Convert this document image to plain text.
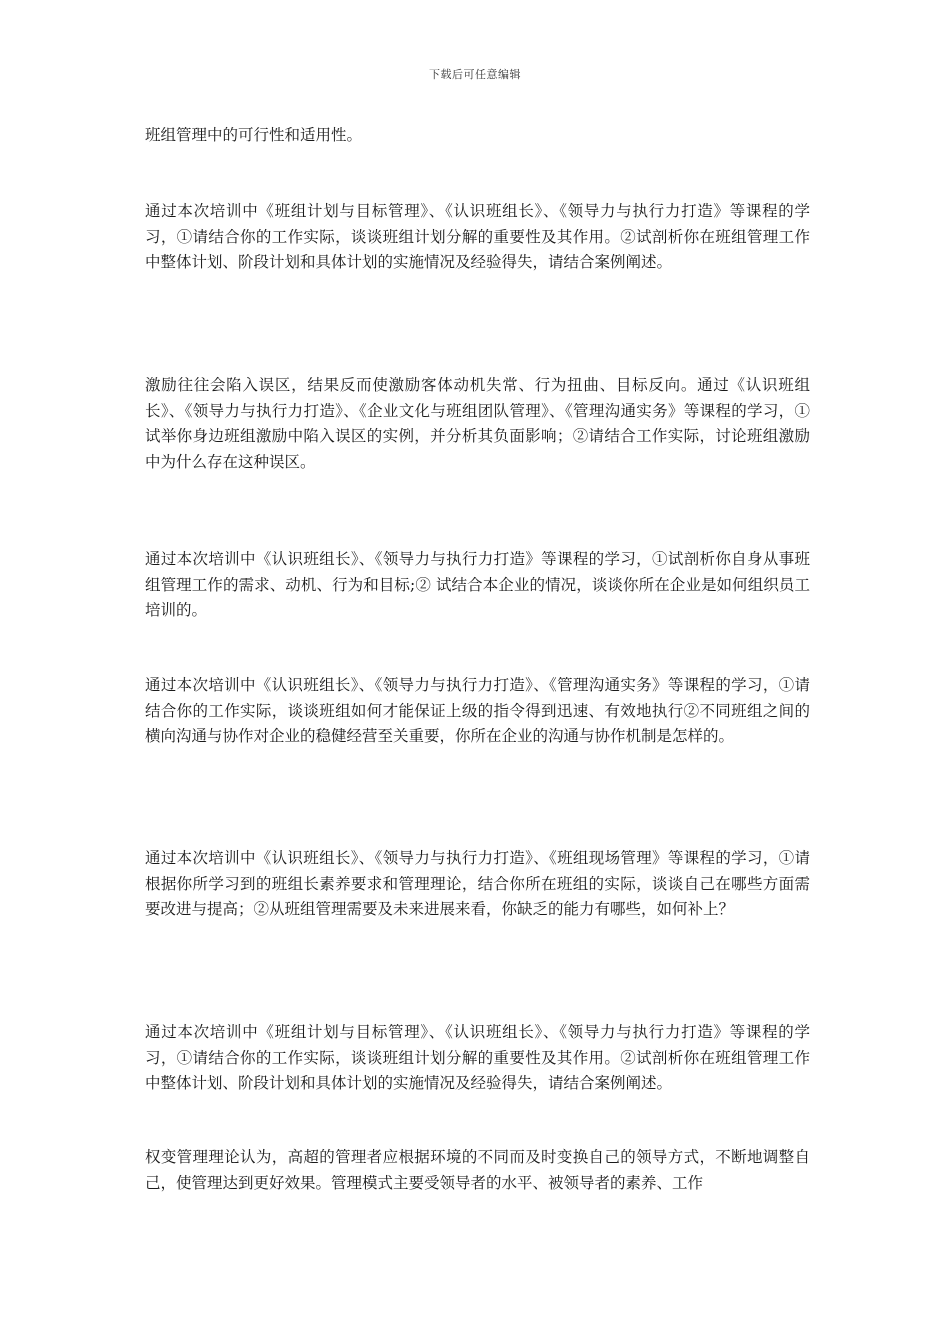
下载后可任意编辑

班组管理中的可行性和适用性。

通过本次培训中《班组计划与目标管理》、《认识班组长》、《领导力与执行力打造》等课程的学习，①请结合你的工作实际，谈谈班组计划分解的重要性及其作用。②试剖析你在班组管理工作中整体计划、阶段计划和具体计划的实施情况及经验得失，请结合案例阐述。

激励往往会陷入误区，结果反而使激励客体动机失常、行为扭曲、目标反向。通过《认识班组长》、《领导力与执行力打造》、《企业文化与班组团队管理》、《管理沟通实务》等课程的学习，①试举你身边班组激励中陷入误区的实例，并分析其负面影响；②请结合工作实际，讨论班组激励中为什么存在这种误区。

通过本次培训中《认识班组长》、《领导力与执行力打造》等课程的学习，①试剖析你自身从事班组管理工作的需求、动机、行为和目标;② 试结合本企业的情况，谈谈你所在企业是如何组织员工培训的。

通过本次培训中《认识班组长》、《领导力与执行力打造》、《管理沟通实务》等课程的学习，①请结合你的工作实际，谈谈班组如何才能保证上级的指令得到迅速、有效地执行②不同班组之间的横向沟通与协作对企业的稳健经营至关重要，你所在企业的沟通与协作机制是怎样的。

通过本次培训中《认识班组长》、《领导力与执行力打造》、《班组现场管理》等课程的学习，①请根据你所学习到的班组长素养要求和管理理论，结合你所在班组的实际，谈谈自己在哪些方面需要改进与提高；②从班组管理需要及未来进展来看，你缺乏的能力有哪些，如何补上？

通过本次培训中《班组计划与目标管理》、《认识班组长》、《领导力与执行力打造》等课程的学习，①请结合你的工作实际，谈谈班组计划分解的重要性及其作用。②试剖析你在班组管理工作中整体计划、阶段计划和具体计划的实施情况及经验得失，请结合案例阐述。

权变管理理论认为，高超的管理者应根据环境的不同而及时变换自己的领导方式，不断地调整自己，使管理达到更好效果。管理模式主要受领导者的水平、被领导者的素养、工作
